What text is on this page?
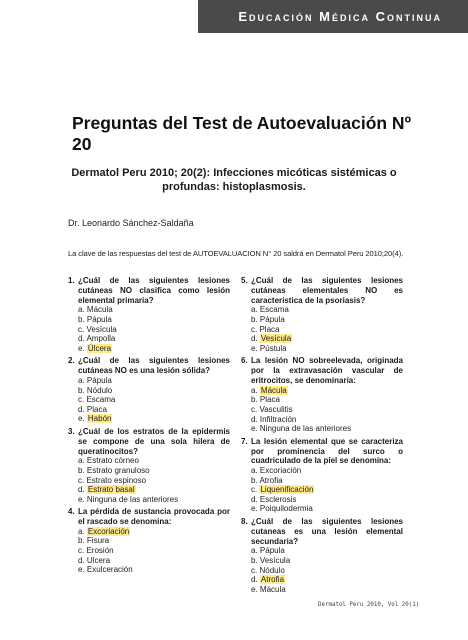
Educación Médica Continua
Preguntas del Test de Autoevaluación Nº 20
Dermatol Peru 2010; 20(2): Infecciones micóticas sistémicas o profundas: histoplasmosis.
Dr. Leonardo Sánchez-Saldaña
La clave de las respuestas del test de AUTOEVALUACION N° 20 saldrá en Dermatol Peru 2010;20(4).
1. ¿Cuál de las siguientes lesiones cutáneas NO clasifica como lesión elemental primaria?
a. Mácula
b. Pápula
c. Vesícula
d. Ampolla
e. Úlcera
2. ¿Cuál de las siguientes lesiones cutáneas NO es una lesión sólida?
a. Pápula
b. Nódulo
c. Escama
d. Placa
e. Habón
3. ¿Cuál de los estratos de la epidermis se compone de una sola hilera de queratinocitos?
a. Estrato córneo
b. Estrato granuloso
c. Estrato espinoso
d. Estrato basal
e. Ninguna de las anteriores
4. La pérdida de sustancia provocada por el rascado se denomina:
a. Excoriación
b. Fisura
c. Erosión
d. Ulcera
e. Exulceración
5. ¿Cuál de las siguientes lesiones cutáneas elementales NO es característica de la psoriasis?
a. Escama
b. Pápula
c. Placa
d. Vesícula
e. Pústula
6. La lesión NO sobreelevada, originada por la extravasación vascular de eritrocitos, se denominaría:
a. Mácula
b. Placa
c. Vasculitis
d. Infiltración
e. Ninguna de las anteriores
7. La lesión elemental que se caracteriza por prominencia del surco o cuadriculado de la piel se denomina:
a. Excoriación
b. Atrofia
c. Liquenificación
d. Esclerosis
e. Poiquilodermia
8. ¿Cuál de las siguientes lesiones cutaneas es una lesión elemental secundaria?
a. Pápula
b. Vesícula
c. Nódulo
d. Atrofia
e. Mácula
Dermatol Peru 2010, Vol 20(1)
